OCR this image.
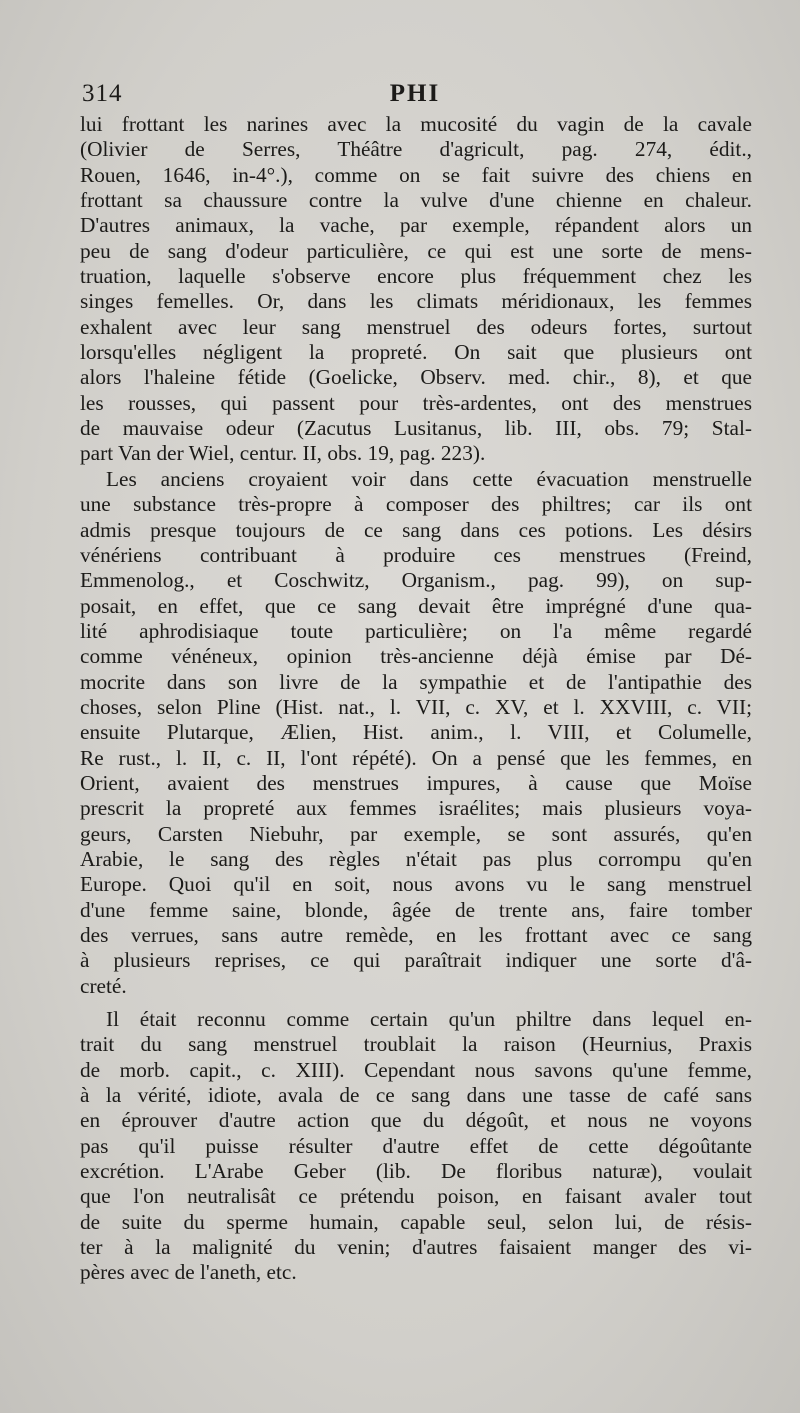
314	PHI

lui frottant les narines avec la mucosité du vagin de la cavale

(Olivier de Serres, Théâtre d'agricult, pag. 274, édit.,

Rouen, 1646, in-4°.), comme on se fait suivre des chiens en

frottant sa chaussure contre la vulve d'une chienne en chaleur.

D'autres animaux, la vache, par exemple, répandent alors un

peu de sang d'odeur particulière, ce qui est une sorte de mens-

truation, laquelle s'observe encore plus fréquemment chez les

singes femelles. Or, dans les climats méridionaux, les femmes

exhalent avec leur sang menstruel des odeurs fortes, surtout

lorsqu'elles négligent la propreté. On sait que plusieurs ont

alors l'haleine fétide (Goelicke, Observ. med. chir., 8), et que

les rousses, qui passent pour très-ardentes, ont des menstrues

de mauvaise odeur (Zacutus Lusitanus, lib. III, obs. 79; Stal-

part Van der Wiel, centur. II, obs. 19, pag. 223).

Les anciens croyaient voir dans cette évacuation menstruelle

une substance très-propre à composer des philtres; car ils ont

admis presque toujours de ce sang dans ces potions. Les désirs

vénériens contribuant à produire ces menstrues (Freind,

Emmenolog., et Coschwitz, Organism., pag. 99), on sup-

posait, en effet, que ce sang devait être imprégné d'une qua-

lité aphrodisiaque toute particulière; on l'a même regardé

comme vénéneux, opinion très-ancienne déjà émise par Dé-

mocrite dans son livre de la sympathie et de l'antipathie des

choses, selon Pline (Hist. nat., l. VII, c. XV, et l. XXVIII, c. VII;

ensuite Plutarque, Ælien, Hist. anim., l. VIII, et Columelle,

Re rust., l. II, c. II, l'ont répété). On a pensé que les femmes, en

Orient, avaient des menstrues impures, à cause que Moïse

prescrit la propreté aux femmes israélites; mais plusieurs voya-

geurs, Carsten Niebuhr, par exemple, se sont assurés, qu'en

Arabie, le sang des règles n'était pas plus corrompu qu'en

Europe. Quoi qu'il en soit, nous avons vu le sang menstruel

d'une femme saine, blonde, âgée de trente ans, faire tomber

des verrues, sans autre remède, en les frottant avec ce sang

à plusieurs reprises, ce qui paraîtrait indiquer une sorte d'â-

creté.

Il était reconnu comme certain qu'un philtre dans lequel en-

trait du sang menstruel troublait la raison (Heurnius, Praxis

de morb. capit., c. XIII). Cependant nous savons qu'une femme,

à la vérité, idiote, avala de ce sang dans une tasse de café sans

en éprouver d'autre action que du dégoût, et nous ne voyons

pas qu'il puisse résulter d'autre effet de cette dégoûtante

excrétion. L'Arabe Geber (lib. De floribus naturæ), voulait

que l'on neutralisât ce prétendu poison, en faisant avaler tout

de suite du sperme humain, capable seul, selon lui, de résis-

ter à la malignité du venin; d'autres faisaient manger des vi-

pères avec de l'aneth, etc.
